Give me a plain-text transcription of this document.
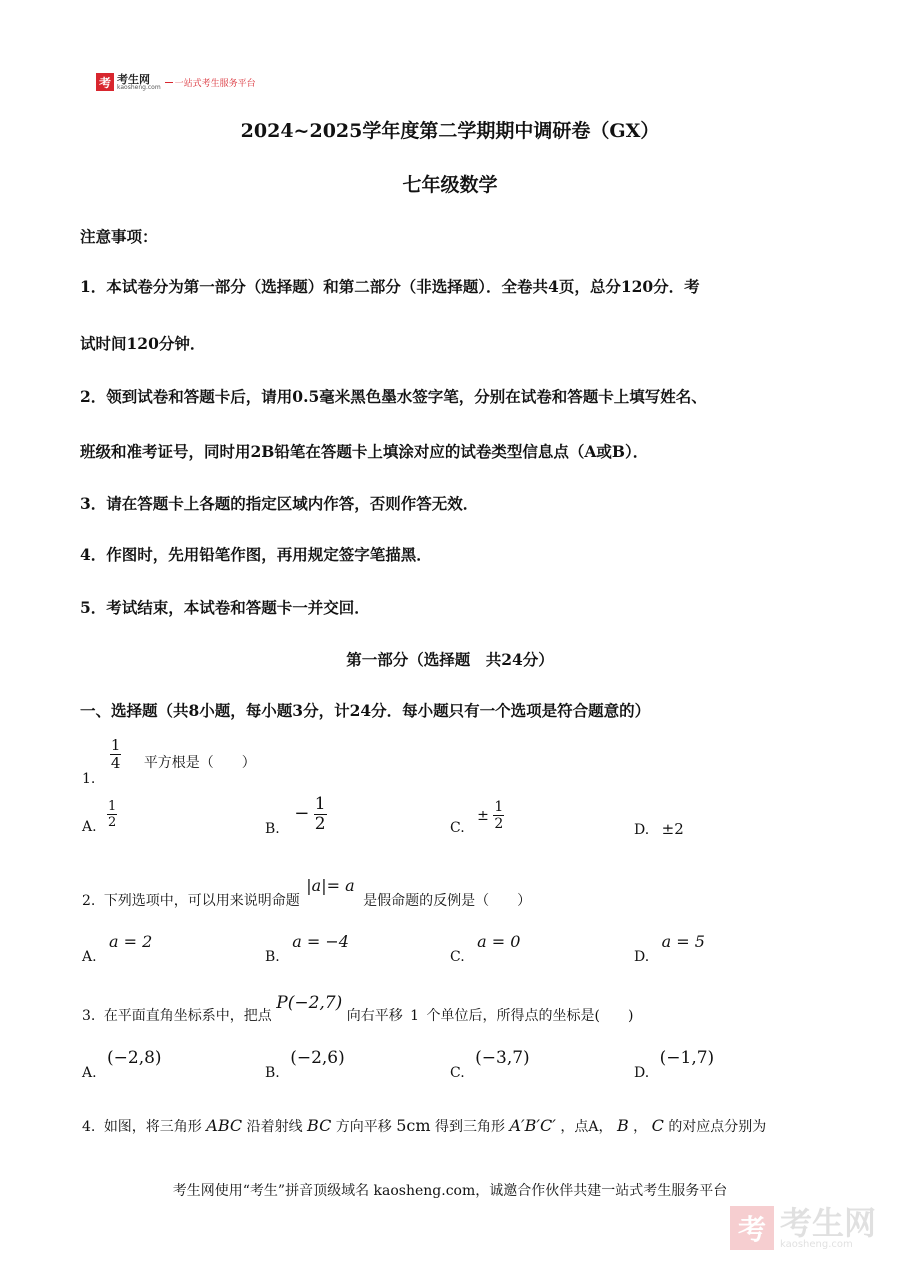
考 考生网
kaosheng.com 一站式考生服务平台
2024~2025学年度第二学期期中调研卷（GX）
七年级数学
注意事项：
1．本试卷分为第一部分（选择题）和第二部分（非选择题）．全卷共4页，总分120分．考
试时间120分钟．
2．领到试卷和答题卡后，请用0.5毫米黑色墨水签字笔，分别在试卷和答题卡上填写姓名、
班级和准考证号，同时用2B铅笔在答题卡上填涂对应的试卷类型信息点（A或B）．
3．请在答题卡上各题的指定区域内作答，否则作答无效．
4．作图时，先用铅笔作图，再用规定签字笔描黑．
5．考试结束，本试卷和答题卡一并交回．
第一部分（选择题　共24分）
一、选择题（共8小题，每小题3分，计24分．每小题只有一个选项是符合题意的）
1.
$\frac{1}{4}$ 平方根是（　　）
A. $\frac{1}{2}$	B. − $\frac{1}{2}$	C. ± $\frac{1}{2}$	D. ±2
2. 下列选项中，可以用来说明命题 |a|= a 是假命题的反例是（　　）
A. a = 2
B. a = −4
C. a = 0
D. a = 5
3. 在平面直角坐标系中，把点 P(−2,7) 向右平移 1 个单位后，所得点的坐标是(　　)
A. (−2,8)
B. (−2,6)
C. (−3,7)
D. (−1,7)
4. 如图，将三角形 ABC 沿着射线 BC 方向平移 5cm 得到三角形 A′B′C′ ，点A， B ， C 的对应点分别为
考生网使用“考生”拼音顶级域名 kaosheng.com，诚邀合作伙伴共建一站式考生服务平台
考 考生网
kaosheng.com
